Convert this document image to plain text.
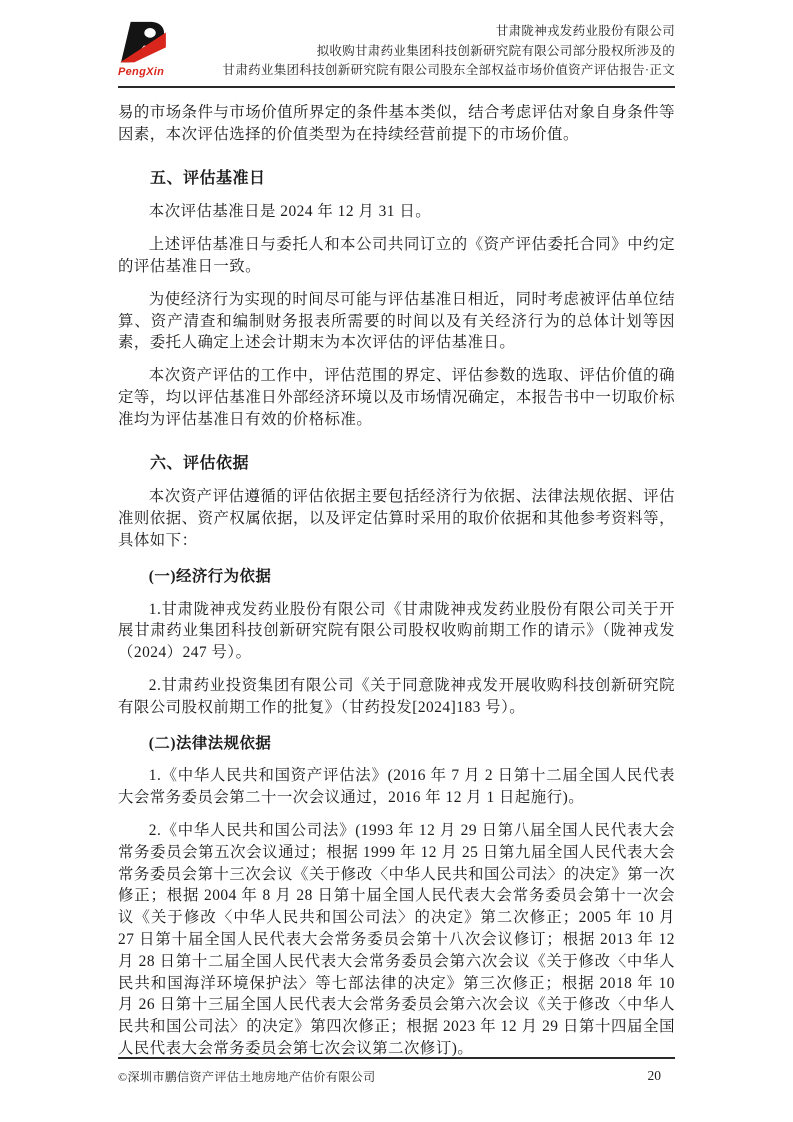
PengXin
甘肃陇神戎发药业股份有限公司
拟收购甘肃药业集团科技创新研究院有限公司部分股权所涉及的
甘肃药业集团科技创新研究院有限公司股东全部权益市场价值资产评估报告·正文

易的市场条件与市场价值所界定的条件基本类似，结合考虑评估对象自身条件等因素，本次评估选择的价值类型为在持续经营前提下的市场价值。

五、评估基准日

本次评估基准日是 2024 年 12 月 31 日。

上述评估基准日与委托人和本公司共同订立的《资产评估委托合同》中约定的评估基准日一致。

为使经济行为实现的时间尽可能与评估基准日相近，同时考虑被评估单位结算、资产清查和编制财务报表所需要的时间以及有关经济行为的总体计划等因素，委托人确定上述会计期末为本次评估的评估基准日。

本次资产评估的工作中，评估范围的界定、评估参数的选取、评估价值的确定等，均以评估基准日外部经济环境以及市场情况确定，本报告书中一切取价标准均为评估基准日有效的价格标准。

六、评估依据

本次资产评估遵循的评估依据主要包括经济行为依据、法律法规依据、评估准则依据、资产权属依据，以及评定估算时采用的取价依据和其他参考资料等，具体如下：

(一)经济行为依据

1.甘肃陇神戎发药业股份有限公司《甘肃陇神戎发药业股份有限公司关于开展甘肃药业集团科技创新研究院有限公司股权收购前期工作的请示》（陇神戎发（2024）247 号）。

2.甘肃药业投资集团有限公司《关于同意陇神戎发开展收购科技创新研究院有限公司股权前期工作的批复》（甘药投发[2024]183 号）。

(二)法律法规依据

1.《中华人民共和国资产评估法》(2016 年 7 月 2 日第十二届全国人民代表大会常务委员会第二十一次会议通过，2016 年 12 月 1 日起施行)。

2.《中华人民共和国公司法》(1993 年 12 月 29 日第八届全国人民代表大会常务委员会第五次会议通过；根据 1999 年 12 月 25 日第九届全国人民代表大会常务委员会第十三次会议《关于修改〈中华人民共和国公司法〉的决定》第一次修正；根据 2004 年 8 月 28 日第十届全国人民代表大会常务委员会第十一次会议《关于修改〈中华人民共和国公司法〉的决定》第二次修正；2005 年 10 月 27 日第十届全国人民代表大会常务委员会第十八次会议修订；根据 2013 年 12 月 28 日第十二届全国人民代表大会常务委员会第六次会议《关于修改〈中华人民共和国海洋环境保护法〉等七部法律的决定》第三次修正；根据 2018 年 10 月 26 日第十三届全国人民代表大会常务委员会第六次会议《关于修改〈中华人民共和国公司法〉的决定》第四次修正；根据 2023 年 12 月 29 日第十四届全国人民代表大会常务委员会第七次会议第二次修订)。

©深圳市鹏信资产评估土地房地产估价有限公司	20
